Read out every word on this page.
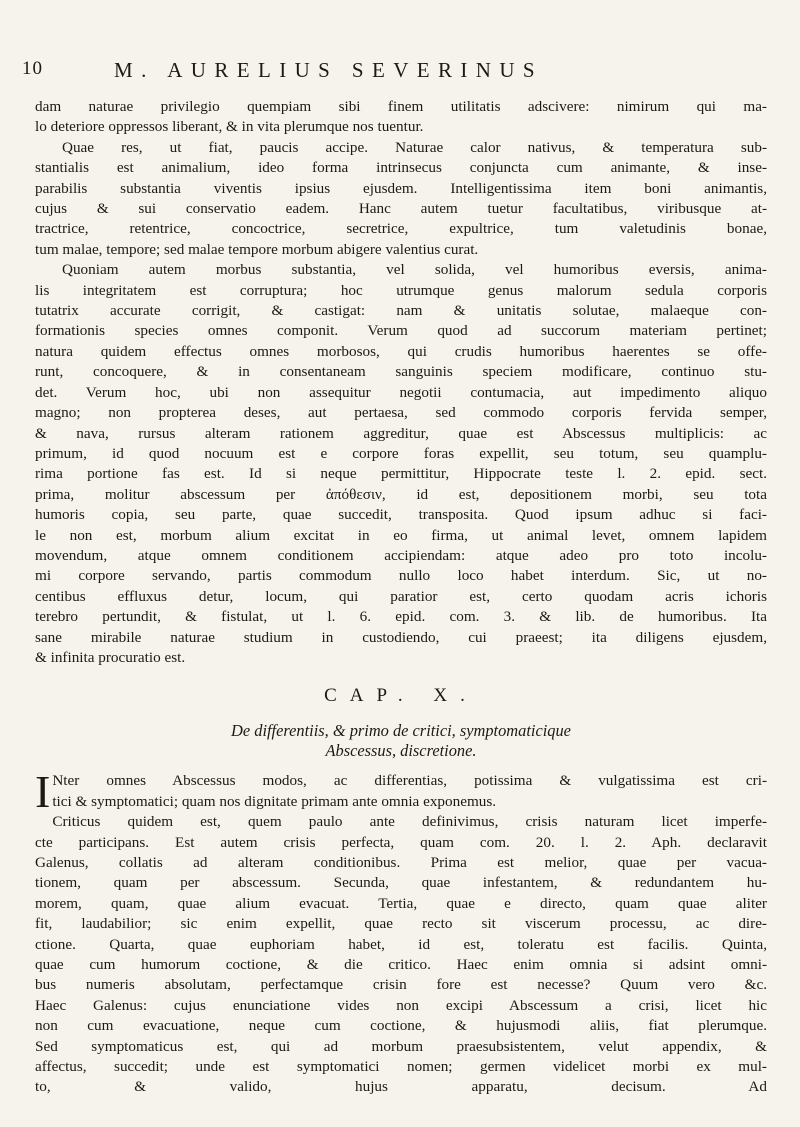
10	M. AURELIUS SEVERINUS

dam naturae privilegio quempiam sibi finem utilitatis adscivere: nimirum qui ma-

lo deteriore oppressos liberant, & in vita plerumque nos tuentur.

Quae res, ut fiat, paucis accipe. Naturae calor nativus, & temperatura sub-

stantialis est animalium, ideo forma intrinsecus conjuncta cum animante, & inse-

parabilis substantia viventis ipsius ejusdem. Intelligentissima item boni animantis,

cujus & sui conservatio eadem. Hanc autem tuetur facultatibus, viribusque at-

tractrice, retentrice, concoctrice, secretrice, expultrice, tum valetudinis bonae,

tum malae, tempore; sed malae tempore morbum abigere valentius curat.

Quoniam autem morbus substantia, vel solida, vel humoribus eversis, anima-

lis integritatem est corruptura; hoc utrumque genus malorum sedula corporis

tutatrix accurate corrigit, & castigat: nam & unitatis solutae, malaeque con-

formationis species omnes componit. Verum quod ad succorum materiam pertinet;

natura quidem effectus omnes morbosos, qui crudis humoribus haerentes se offe-

runt, concoquere, & in consentaneam sanguinis speciem modificare, continuo stu-

det. Verum hoc, ubi non assequitur negotii contumacia, aut impedimento aliquo

magno; non propterea deses, aut pertaesa, sed commodo corporis fervida semper,

& nava, rursus alteram rationem aggreditur, quae est Abscessus multiplicis: ac

primum, id quod nocuum est e corpore foras expellit, seu totum, seu quamplu-

rima portione fas est. Id si neque permittitur, Hippocrate teste l. 2. epid. sect.

prima, molitur abscessum per ἀπόθεσιν, id est, depositionem morbi, seu tota

humoris copia, seu parte, quae succedit, transposita. Quod ipsum adhuc si faci-

le non est, morbum alium excitat in eo firma, ut animal levet, omnem lapidem

movendum, atque omnem conditionem accipiendam: atque adeo pro toto incolu-

mi corpore servando, partis commodum nullo loco habet interdum. Sic, ut no-

centibus effluxus detur, locum, qui paratior est, certo quodam acris ichoris

terebro pertundit, & fistulat, ut l. 6. epid. com. 3. & lib. de humoribus. Ita

sane mirabile naturae studium in custodiendo, cui praeest; ita diligens ejusdem,

& infinita procuratio est.

CAP. X.
De differentiis, & primo de critici, symptomaticique
Abscessus, discretione.
I Nter omnes Abscessus modos, ac differentias, potissima & vulgatissima est cri-

tici & symptomatici; quam nos dignitate primam ante omnia exponemus.

Criticus quidem est, quem paulo ante definivimus, crisis naturam licet imperfe-

cte participans. Est autem crisis perfecta, quam com. 20. l. 2. Aph. declaravit

Galenus, collatis ad alteram conditionibus. Prima est melior, quae per vacua-

tionem, quam per abscessum. Secunda, quae infestantem, & redundantem hu-

morem, quam, quae alium evacuat. Tertia, quae e directo, quam quae aliter

fit, laudabilior; sic enim expellit, quae recto sit viscerum processu, ac dire-

ctione. Quarta, quae euphoriam habet, id est, toleratu est facilis. Quinta,

quae cum humorum coctione, & die critico. Haec enim omnia si adsint omni-

bus numeris absolutam, perfectamque crisin fore est necesse? Quum vero &c.

Haec Galenus: cujus enunciatione vides non excipi Abscessum a crisi, licet hic

non cum evacuatione, neque cum coctione, & hujusmodi aliis, fiat plerumque.

Sed symptomaticus est, qui ad morbum praesubsistentem, velut appendix, &

affectus, succedit; unde est symptomatici nomen; germen videlicet morbi ex mul-

to, & valido, hujus apparatu, decisum. Ad
